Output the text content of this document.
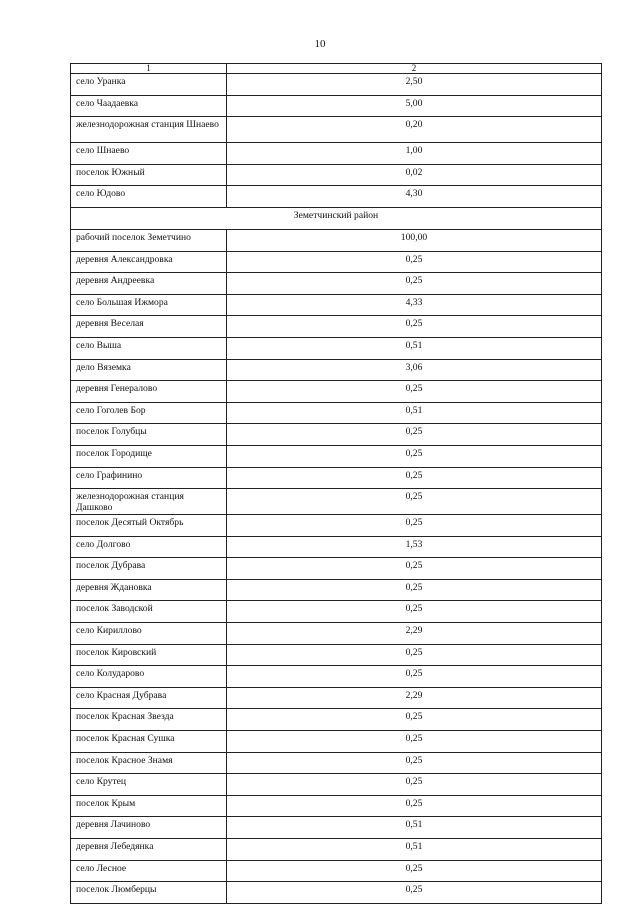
10
1	2
село Уранка	2,50
село Чаадаевка	5,00
железнодорожная станция Шнаево	0,20
село Шнаево	1,00
поселок Южный	0,02
село Юдово	4,30
Земетчинский район	
рабочий поселок Земетчино	100,00
деревня Александровка	0,25
деревня Андреевка	0,25
село Большая Ижмора	4,33
деревня Веселая	0,25
село Выша	0,51
дело Вяземка	3,06
деревня Генералово	0,25
село Гоголев Бор	0,51
поселок Голубцы	0,25
поселок Городище	0,25
село Графинино	0,25
железнодорожная станция Дашково	0,25
поселок Десятый Октябрь	0,25
село Долгово	1,53
поселок Дубрава	0,25
деревня Ждановка	0,25
поселок Заводской	0,25
село Кириллово	2,29
поселок Кировский	0,25
село Колударово	0,25
село Красная Дубрава	2,29
поселок Красная Звезда	0,25
поселок Красная Сушка	0,25
поселок Красное Знамя	0,25
село Крутец	0,25
поселок Крым	0,25
деревня Лачиново	0,51
деревня Лебедянка	0,51
село Лесное	0,25
поселок Люмберцы	0,25
